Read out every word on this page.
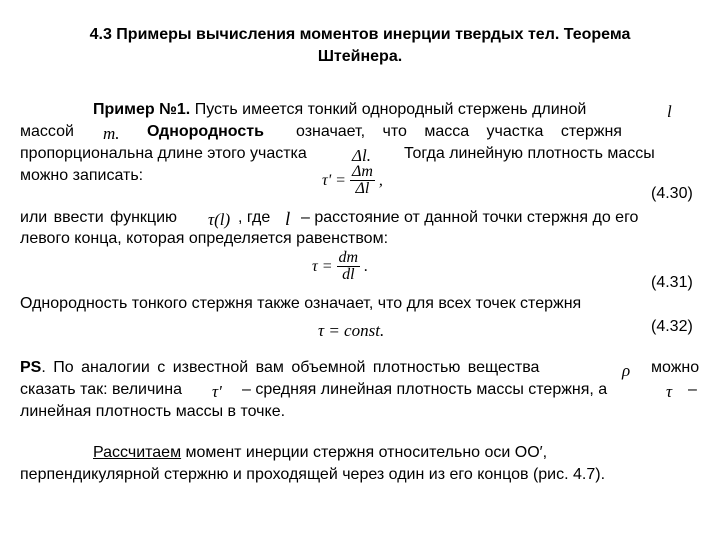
4.3 Примеры вычисления моментов инерции твердых тел. Теорема
Штейнера.
Пример №1. Пусть имеется тонкий однородный стержень длиной	l
массой m. Однородность означает, что масса участка стержня
пропорциональна длине этого участка	Δl. Тогда линейную плотность массы
можно записать:	$\tau' = \frac{\Delta m}{\Delta l}$ ,
(4.30)
или ввести функцию τ(l) , где l – расстояние от данной точки стержня до его
левого конца, которая определяется равенством:
$\tau = \frac{dm}{dl}$ .
(4.31)
Однородность тонкого стержня также означает, что для всех точек стержня
τ = const.	(4.32)
PS. По аналогии с известной вам объемной плотностью вещества	ρ можно
сказать так: величина τ' – средняя линейная плотность массы стержня, а	τ –
линейная плотность массы в точке.
Рассчитаем момент инерции стержня относительно оси ОО′,
перпендикулярной стержню и проходящей через один из его концов (рис. 4.7).
